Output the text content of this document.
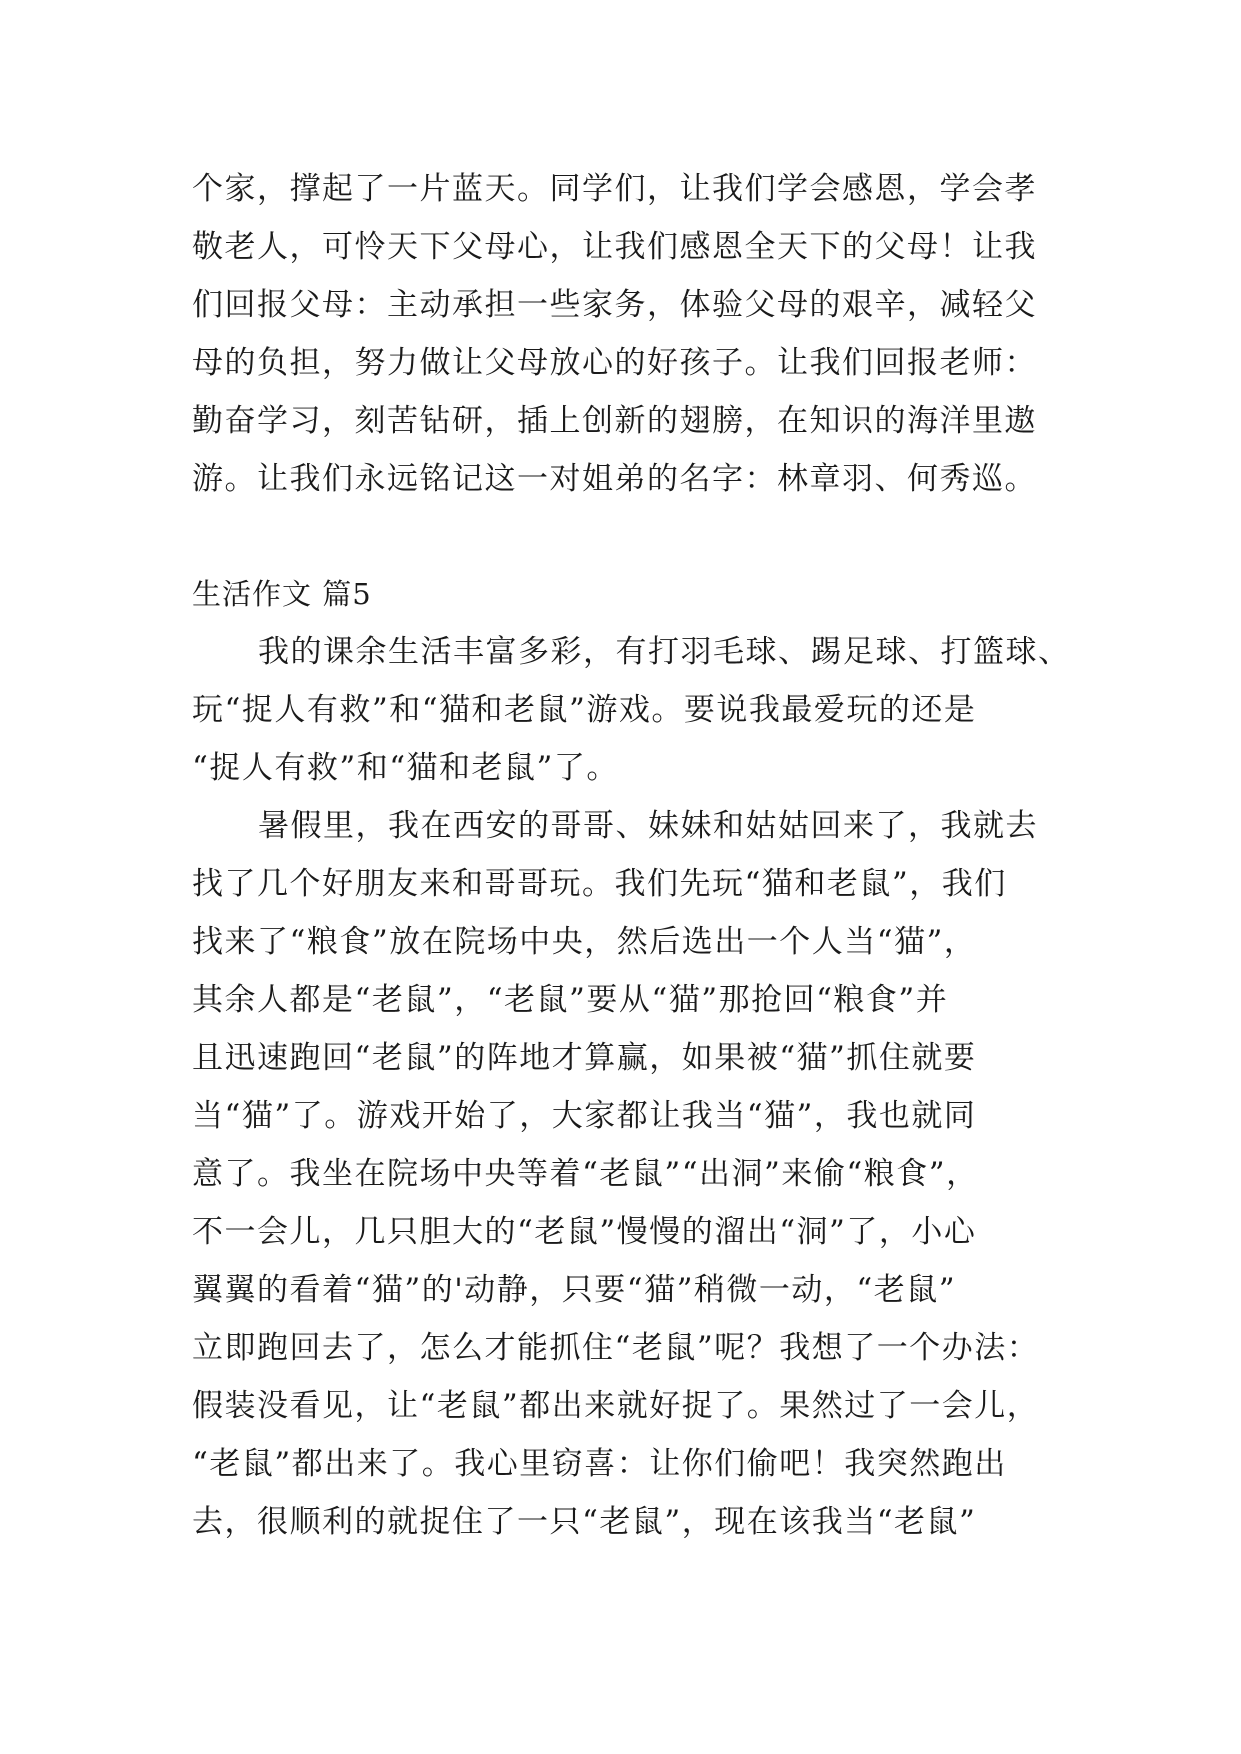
个家，撑起了一片蓝天。同学们，让我们学会感恩，学会孝
敬老人，可怜天下父母心，让我们感恩全天下的父母！让我
们回报父母：主动承担一些家务，体验父母的艰辛，减轻父
母的负担，努力做让父母放心的好孩子。让我们回报老师：
勤奋学习，刻苦钻研，插上创新的翅膀，在知识的海洋里遨
游。让我们永远铭记这一对姐弟的名字：林章羽、何秀巡。
生活作文 篇5
我的课余生活丰富多彩，有打羽毛球、踢足球、打篮球、
玩“捉人有救”和“猫和老鼠”游戏。要说我最爱玩的还是
“捉人有救”和“猫和老鼠”了。
暑假里，我在西安的哥哥、妹妹和姑姑回来了，我就去
找了几个好朋友来和哥哥玩。我们先玩“猫和老鼠”，我们
找来了“粮食”放在院场中央，然后选出一个人当“猫”，
其余人都是“老鼠”，“老鼠”要从“猫”那抢回“粮食”并
且迅速跑回“老鼠”的阵地才算赢，如果被“猫”抓住就要
当“猫”了。游戏开始了，大家都让我当“猫”，我也就同
意了。我坐在院场中央等着“老鼠”“出洞”来偷“粮食”，
不一会儿，几只胆大的“老鼠”慢慢的溜出“洞”了，小心
翼翼的看着“猫”的'动静，只要“猫”稍微一动，“老鼠”
立即跑回去了，怎么才能抓住“老鼠”呢？我想了一个办法：
假装没看见，让“老鼠”都出来就好捉了。果然过了一会儿，
“老鼠”都出来了。我心里窃喜：让你们偷吧！我突然跑出
去，很顺利的就捉住了一只“老鼠”，现在该我当“老鼠”
